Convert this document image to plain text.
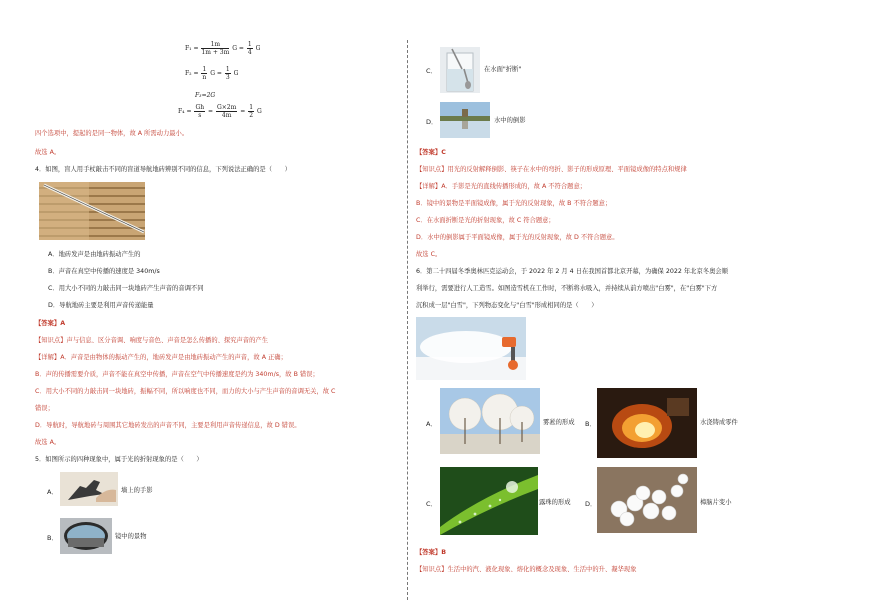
$F_1 = \frac{1m}{1m + 3m}$ $G = \frac{1}{4}$ G
$F_2 = \frac{1}{n}$ $G = \frac{1}{3}$ G
F₃=2G
$F_4 = \frac{Gh}{s} = \frac{G\times 2m}{4m} = \frac{1}{2}$ G
四个选项中，提起的是同一物体，故 A 所需动力最小。
故选 A。
4．如图，盲人用手杖敲击不同的盲道导航地砖辨别不同的信息，下列说法正确的是（　　）
A．地砖发声是由地砖振动产生的
B．声音在真空中传播的速度是 340m/s
C．用大小不同的力敲击同一块地砖产生声音的音调不同
D．导航地砖主要是利用声音传递能量
【答案】A
【知识点】声与信息、区分音调、响度与音色、声音是怎么传播的、探究声音的产生
【详解】A．声音是由物体的振动产生的，地砖发声是由地砖振动产生的声音，故 A 正确；
B．声的传播需要介质，声音不能在真空中传播，声音在空气中传播速度是约为 340m/s，故 B 错误；
C．用大小不同的力敲击同一块地砖，振幅不同，所以响度也不同，而力的大小与产生声音的音调无关，故 C
错误；
D．导航时，导航地砖与周围其它地砖发出的声音不同，主要是利用声音传递信息，故 D 错误。
故选 A。
5．如图所示的四种现象中，属于光的折射现象的是（　　）
A．	墙上的手影
B．	镜中的景物
C．	在水面"折断"
D．	水中的倒影
【答案】C
【知识点】用光的反射解释倒影、筷子在水中的弯折、影子的形成原理、平面镜成像的特点和规律
【详解】A．手影是光的直线传播形成的，故 A 不符合题意；
B．镜中的景物是平面镜成像，属于光的反射现象，故 B 不符合题意；
C．在水面折断是光的折射现象，故 C 符合题意；
D．水中的倒影属于平面镜成像，属于光的反射现象，故 D 不符合题意。
故选 C。
6．第二十四届冬季奥林匹克运动会，于 2022 年 2 月 4 日在我国首都北京开幕，为确保 2022 年北京冬奥会顺
利举行，需要进行人工造雪。如图造雪机在工作时，不断将水吸入，并持续从前方喷出"白雾"，在"白雾"下方
沉积成一层"白雪"，下列物态变化与"白雪"形成相同的是（　　）
A．	雾凇的形成 B．	水浇铸成零件
C．	露珠的形成 D．	樟脑片变小
【答案】B
【知识点】生活中的汽、液化现象、熔化的概念及现象、生活中的升、凝华现象
